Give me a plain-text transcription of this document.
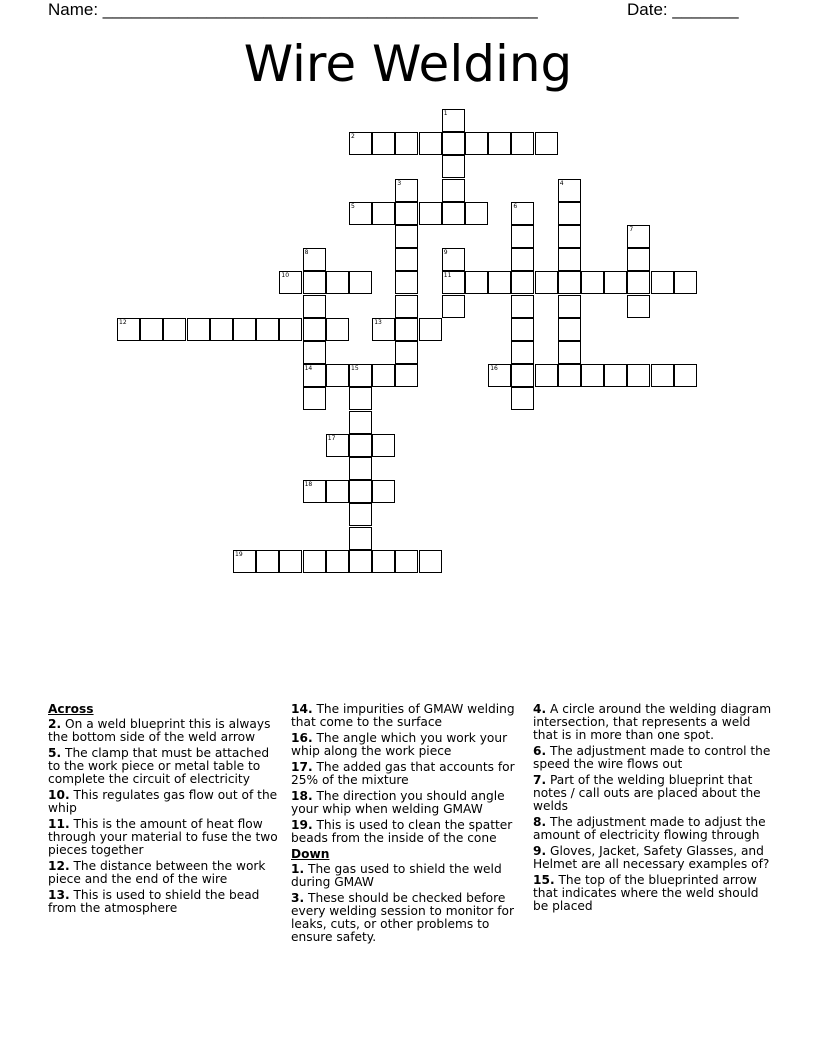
Name: ______________________________________________	Date: _______
Wire Welding
1
2
3	4
5	6
7
8
14
9
11
10
12	13
15	16
17
18
19
Across
2. On a weld blueprint this is always the bottom side of the weld arrow
5. The clamp that must be attached to the work piece or metal table to complete the circuit of electricity
10. This regulates gas flow out of the whip
11. This is the amount of heat flow through your material to fuse the two pieces together
12. The distance between the work piece and the end of the wire
13. This is used to shield the bead from the atmosphere
14. The impurities of GMAW welding that come to the surface
16. The angle which you work your whip along the work piece
17. The added gas that accounts for 25% of the mixture
18. The direction you should angle your whip when welding GMAW
19. This is used to clean the spatter beads from the inside of the cone
Down
1. The gas used to shield the weld during GMAW
3. These should be checked before every welding session to monitor for leaks, cuts, or other problems to ensure safety.
4. A circle around the welding diagram intersection, that represents a weld that is in more than one spot.
6. The adjustment made to control the speed the wire flows out
7. Part of the welding blueprint that notes / call outs are placed about the welds
8. The adjustment made to adjust the amount of electricity flowing through
9. Gloves, Jacket, Safety Glasses, and Helmet are all necessary examples of?
15. The top of the blueprinted arrow that indicates where the weld should be placed
